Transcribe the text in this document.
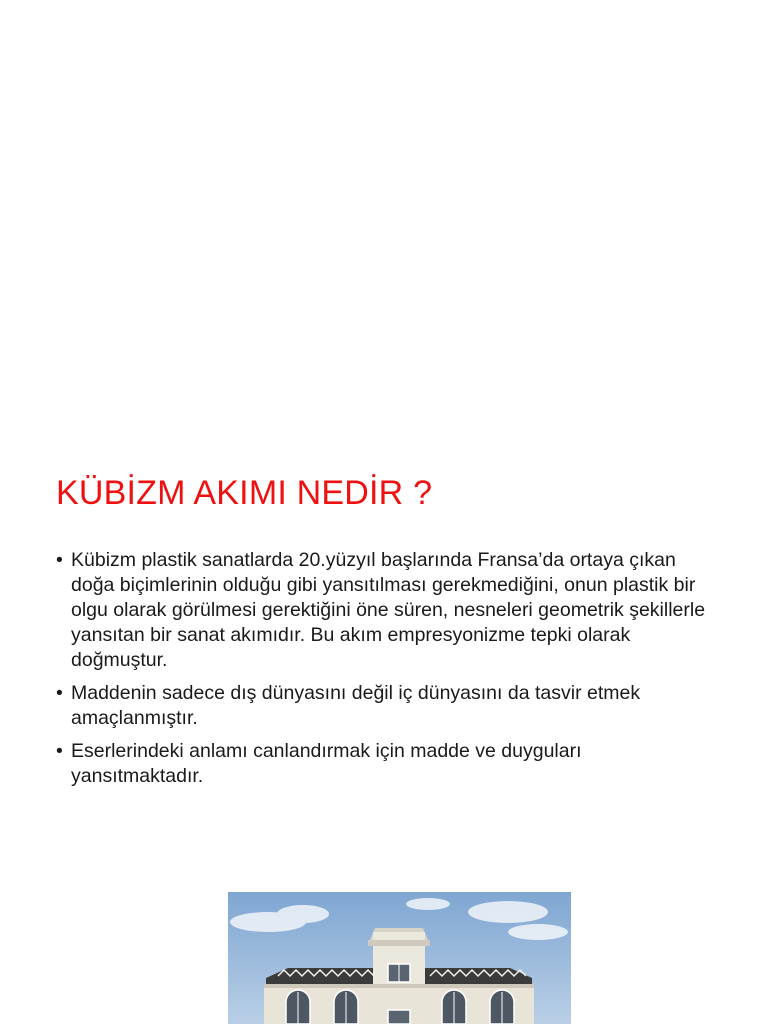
KÜBİZM AKIMI NEDİR ?
• Kübizm plastik sanatlarda 20.yüzyıl başlarında Fransa’da ortaya çıkan doğa biçimlerinin olduğu gibi yansıtılması gerekmediğini, onun plastik bir olgu olarak görülmesi gerektiğini öne süren, nesneleri geometrik şekillerle yansıtan bir sanat akımıdır. Bu akım empresyonizme tepki olarak doğmuştur.
• Maddenin sadece dış dünyasını değil iç dünyasını da tasvir etmek amaçlanmıştır.
• Eserlerindeki anlamı canlandırmak için madde ve duyguları yansıtmaktadır.
